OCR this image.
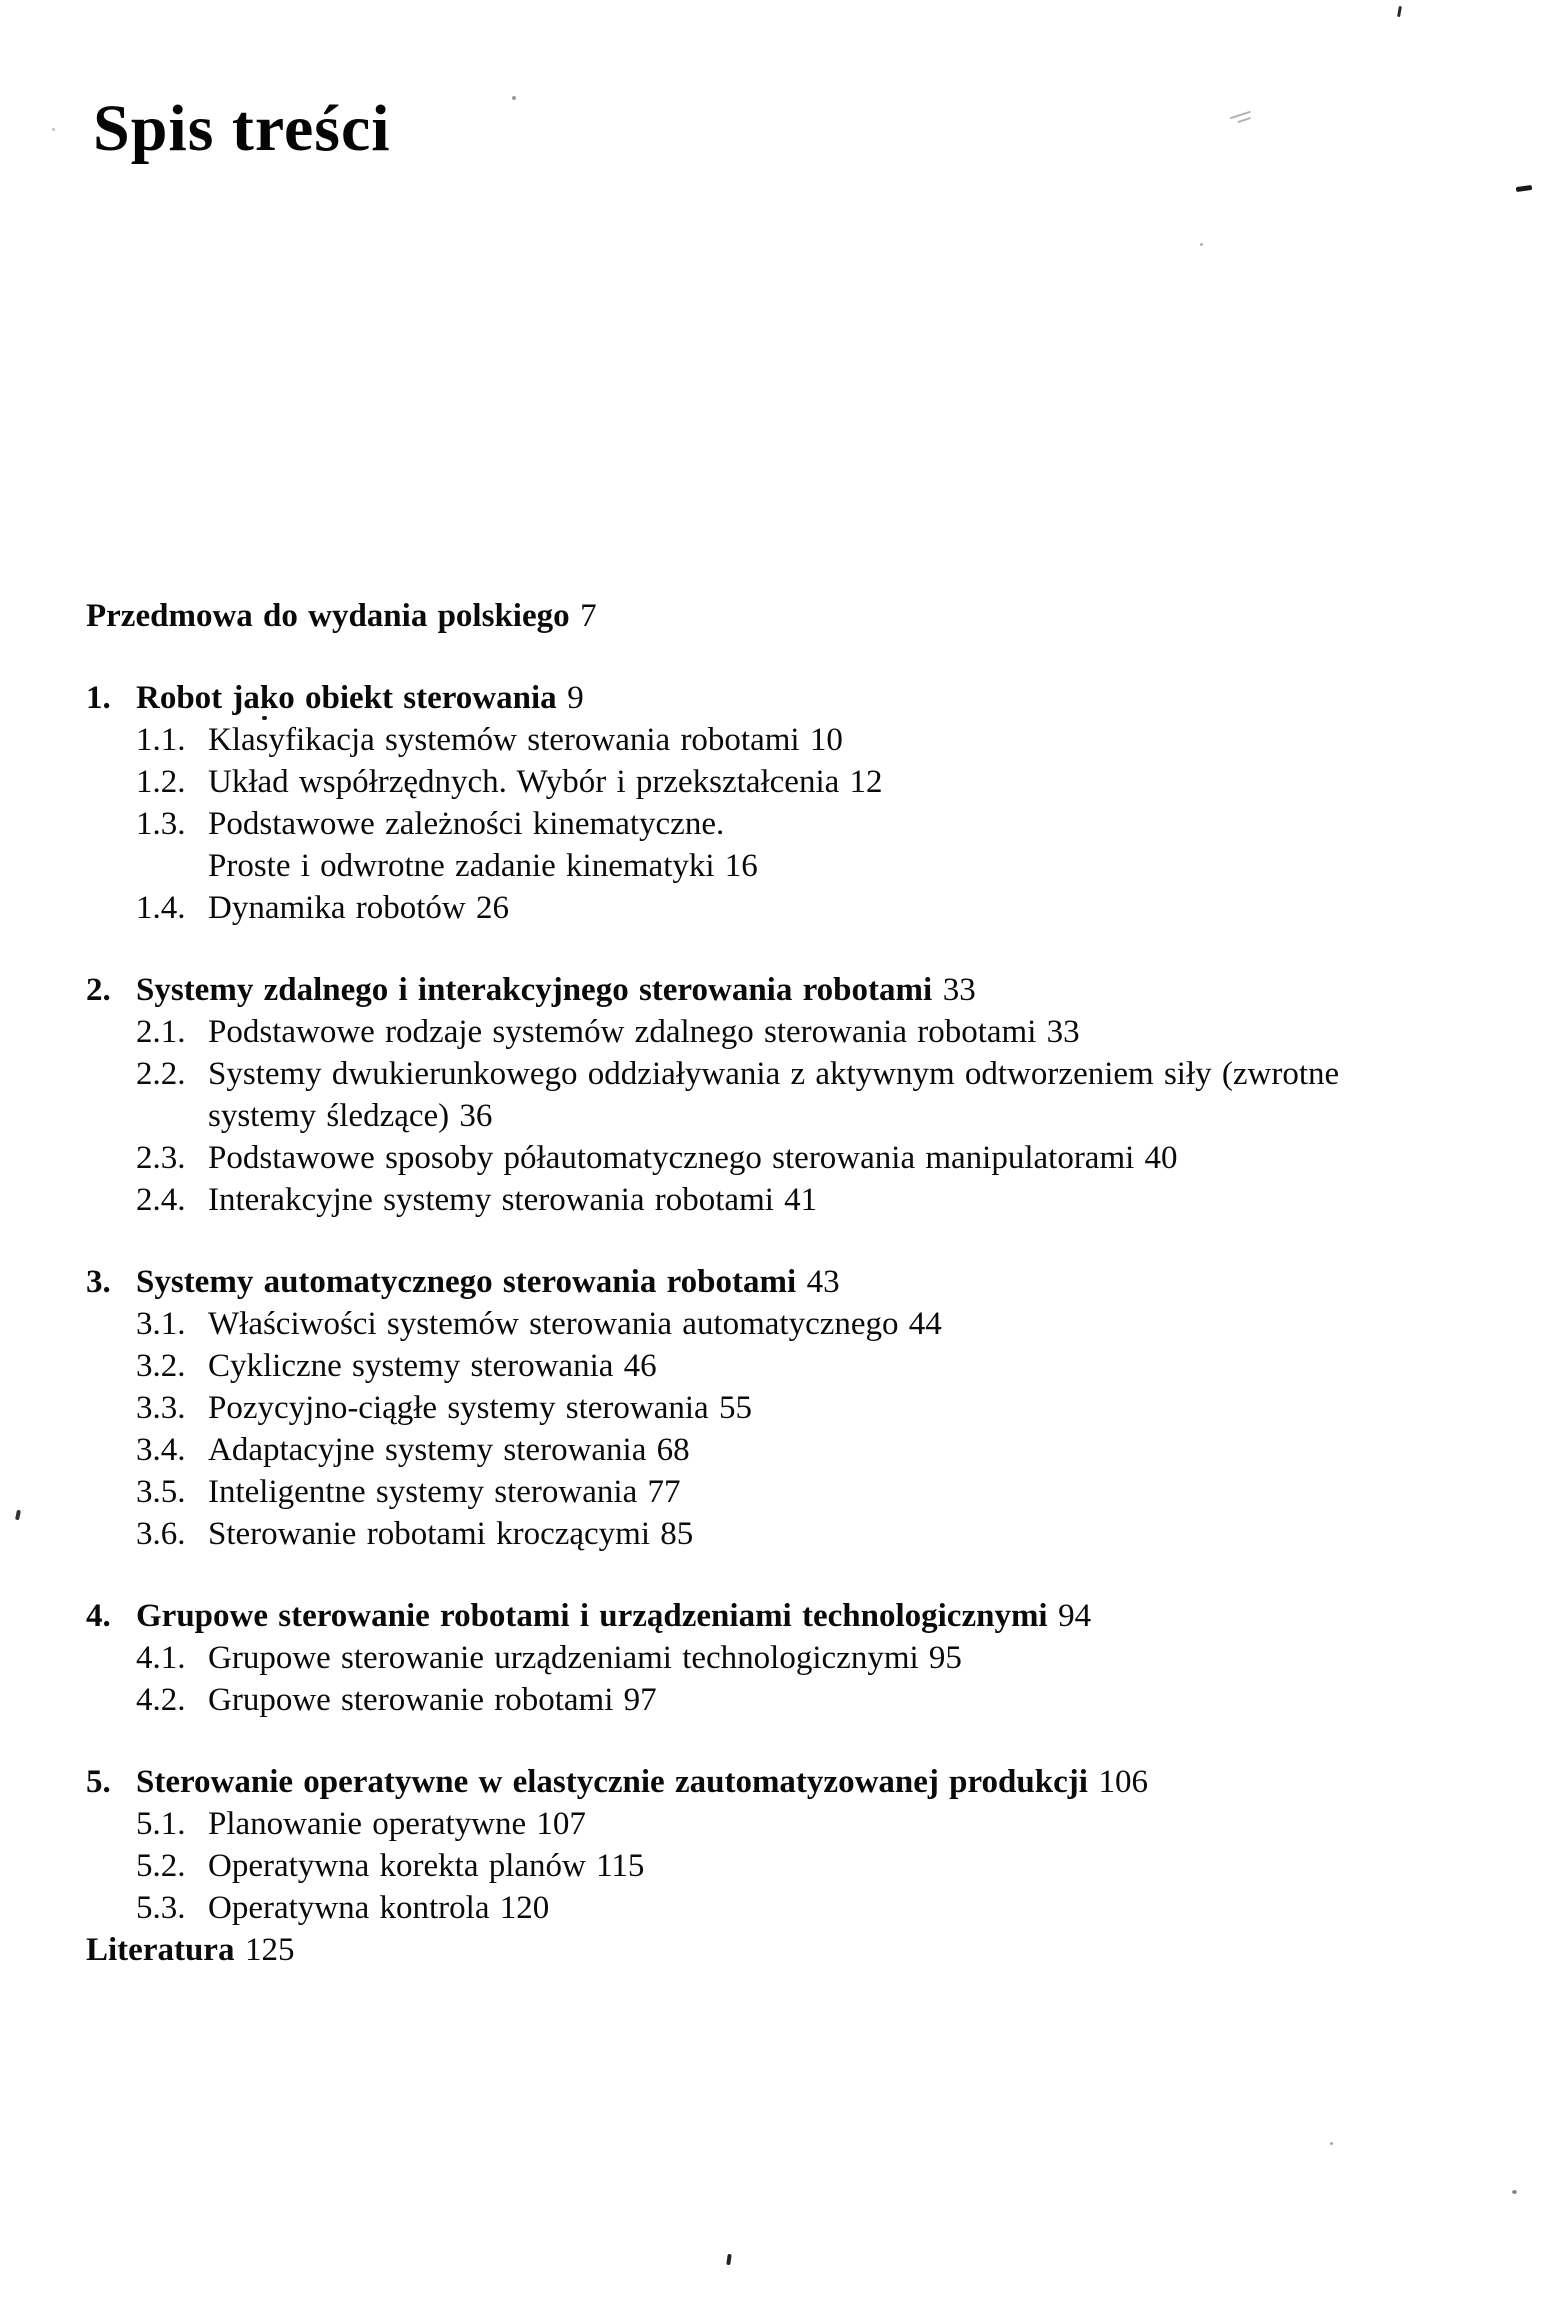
Spis treści
Przedmowa do wydania polskiego 7
1. Robot jako obiekt sterowania 9
1.1. Klasyfikacja systemów sterowania robotami 10
1.2. Układ współrzędnych. Wybór i przekształcenia 12
1.3. Podstawowe zależności kinematyczne.
Proste i odwrotne zadanie kinematyki 16
1.4. Dynamika robotów 26
2. Systemy zdalnego i interakcyjnego sterowania robotami 33
2.1. Podstawowe rodzaje systemów zdalnego sterowania robotami 33
2.2. Systemy dwukierunkowego oddziaływania z aktywnym odtworzeniem siły (zwrotne
systemy śledzące) 36
2.3. Podstawowe sposoby półautomatycznego sterowania manipulatorami 40
2.4. Interakcyjne systemy sterowania robotami 41
3. Systemy automatycznego sterowania robotami 43
3.1. Właściwości systemów sterowania automatycznego 44
3.2. Cykliczne systemy sterowania 46
3.3. Pozycyjno-ciągłe systemy sterowania 55
3.4. Adaptacyjne systemy sterowania 68
3.5. Inteligentne systemy sterowania 77
3.6. Sterowanie robotami kroczącymi 85
4. Grupowe sterowanie robotami i urządzeniami technologicznymi 94
4.1. Grupowe sterowanie urządzeniami technologicznymi 95
4.2. Grupowe sterowanie robotami 97
5. Sterowanie operatywne w elastycznie zautomatyzowanej produkcji 106
5.1. Planowanie operatywne 107
5.2. Operatywna korekta planów 115
5.3. Operatywna kontrola 120
Literatura 125
